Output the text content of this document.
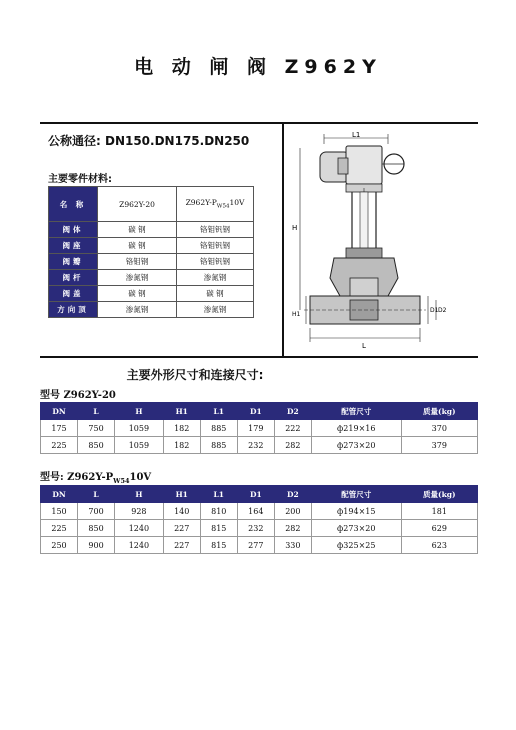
电 动 闸 阀 Z962Y
公称通径: DN150.DN175.DN250
主要零件材料:
名 称	Z962Y-20	$Z962Y-P_{W54}10V$
阀体	碳 钢	铬钼钒钢
阀座	碳 钢	铬钼钒钢
阀瓣	铬钼钢	铬钼钒钢
阀杆	渗氮钢	渗氮钢
阀盖	碳 钢	碳 钢
方向顶	渗氮钢	渗氮钢
L1
H
H1
D1 D2
L
主要外形尺寸和连接尺寸:
型号 Z962Y-20
DN	L	H	H1	L1	D1	D2	配管尺寸	质量(kg)
175	750	1059	182	885	179	222	ф219×16	370
225	850	1059	182	885	232	282	ф273×20	379
型号: $Z962Y-P_{W54}10V$
DN	L	H	H1	L1	D1	D2	配管尺寸	质量(kg)
150	700	928	140	810	164	200	ф194×15	181
225	850	1240	227	815	232	282	ф273×20	629
250	900	1240	227	815	277	330	ф325×25	623
